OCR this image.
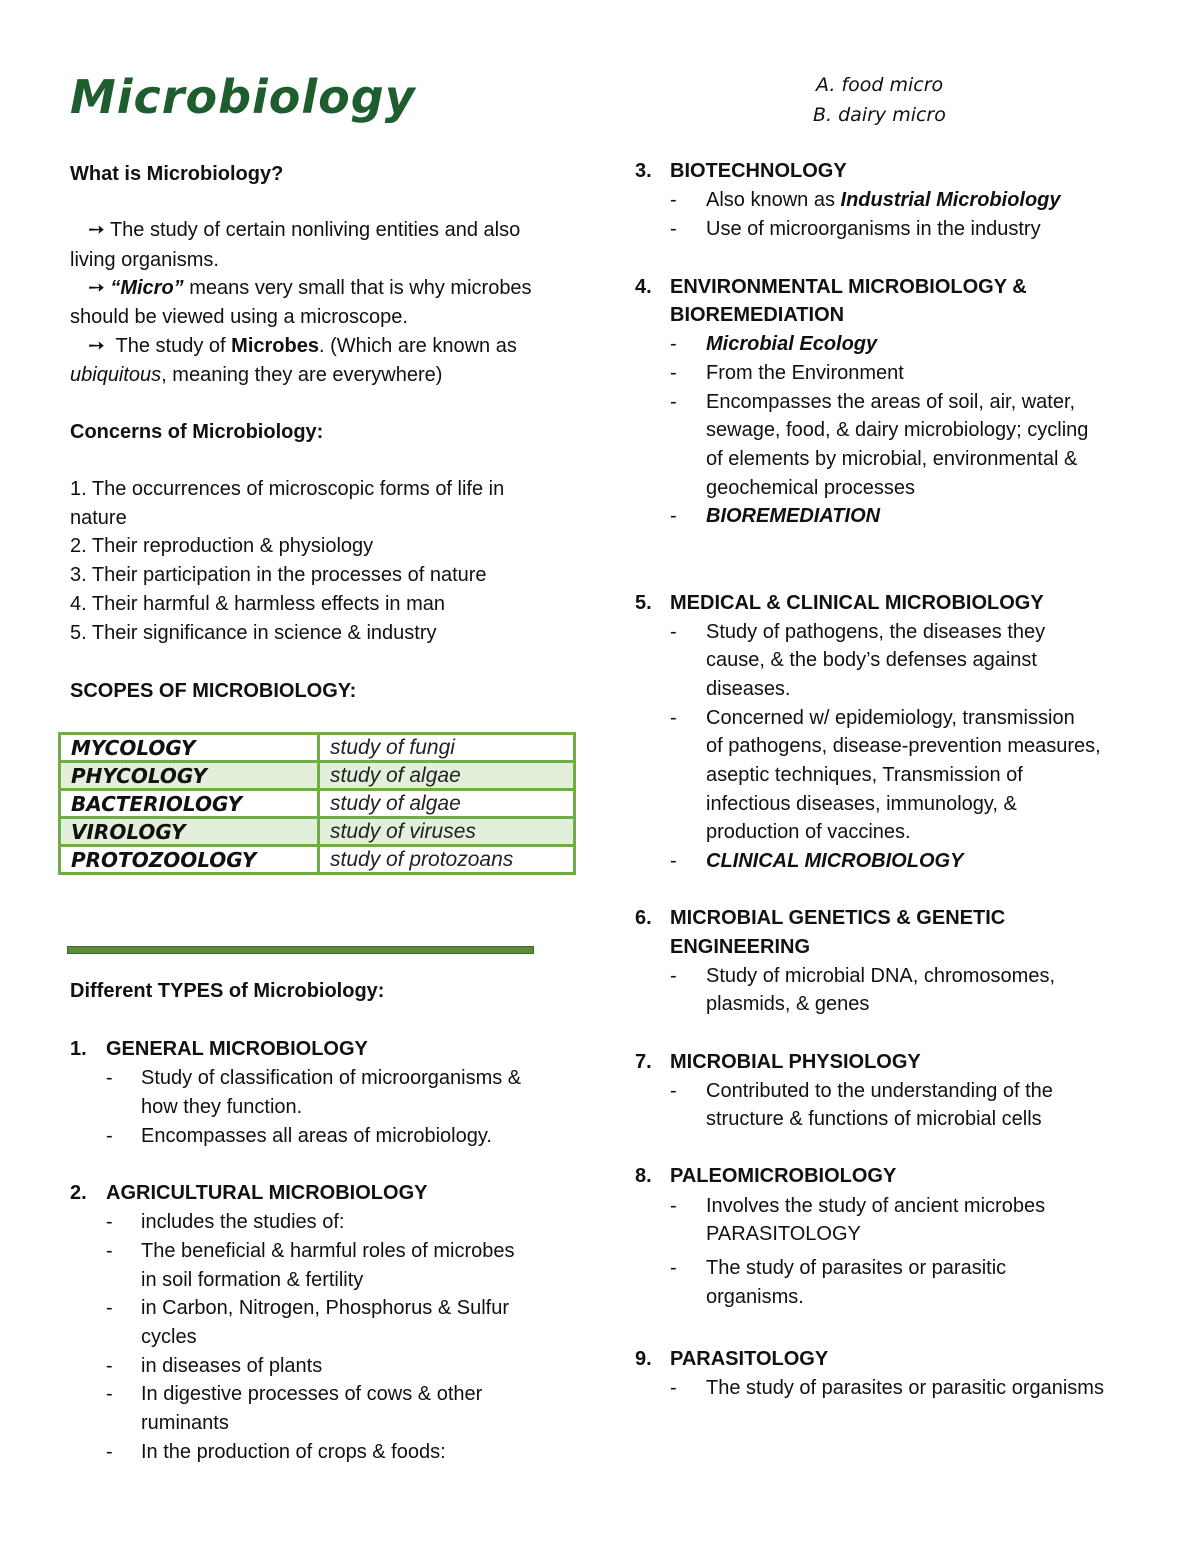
Microbiology
What is Microbiology?
➙ The study of certain nonliving entities and also
living organisms.
➙ “Micro” means very small that is why microbes
should be viewed using a microscope.
➙ The study of Microbes. (Which are known as
ubiquitous, meaning they are everywhere)
Concerns of Microbiology:
1. The occurrences of microscopic forms of life in
nature
2. Their reproduction & physiology
3. Their participation in the processes of nature
4. Their harmful & harmless effects in man
5. Their significance in science & industry
SCOPES OF MICROBIOLOGY:
MYCOLOGY	study of fungi
PHYCOLOGY	study of algae
BACTERIOLOGY	study of algae
VIROLOGY	study of viruses
PROTOZOOLOGY	study of protozoans
Different TYPES of Microbiology:
1. GENERAL MICROBIOLOGY
- Study of classification of microorganisms &
how they function.
- Encompasses all areas of microbiology.
2. AGRICULTURAL MICROBIOLOGY
- includes the studies of:
- The beneficial & harmful roles of microbes
in soil formation & fertility
- in Carbon, Nitrogen, Phosphorus & Sulfur
cycles
- in diseases of plants
- In digestive processes of cows & other
ruminants
- In the production of crops & foods:
A. food micro
B. dairy micro
3. BIOTECHNOLOGY
- Also known as Industrial Microbiology
- Use of microorganisms in the industry
4. ENVIRONMENTAL MICROBIOLOGY &
BIOREMEDIATION
- Microbial Ecology
- From the Environment
- Encompasses the areas of soil, air, water,
sewage, food, & dairy microbiology; cycling
of elements by microbial, environmental &
geochemical processes
- BIOREMEDIATION
5. MEDICAL & CLINICAL MICROBIOLOGY
- Study of pathogens, the diseases they
cause, & the body’s defenses against
diseases.
- Concerned w/ epidemiology, transmission
of pathogens, disease-prevention measures,
aseptic techniques, Transmission of
infectious diseases, immunology, &
production of vaccines.
- CLINICAL MICROBIOLOGY
6. MICROBIAL GENETICS & GENETIC
ENGINEERING
- Study of microbial DNA, chromosomes,
plasmids, & genes
7. MICROBIAL PHYSIOLOGY
- Contributed to the understanding of the
structure & functions of microbial cells
8. PALEOMICROBIOLOGY
- Involves the study of ancient microbes
PARASITOLOGY
- The study of parasites or parasitic
organisms.
9. PARASITOLOGY
- The study of parasites or parasitic organisms
